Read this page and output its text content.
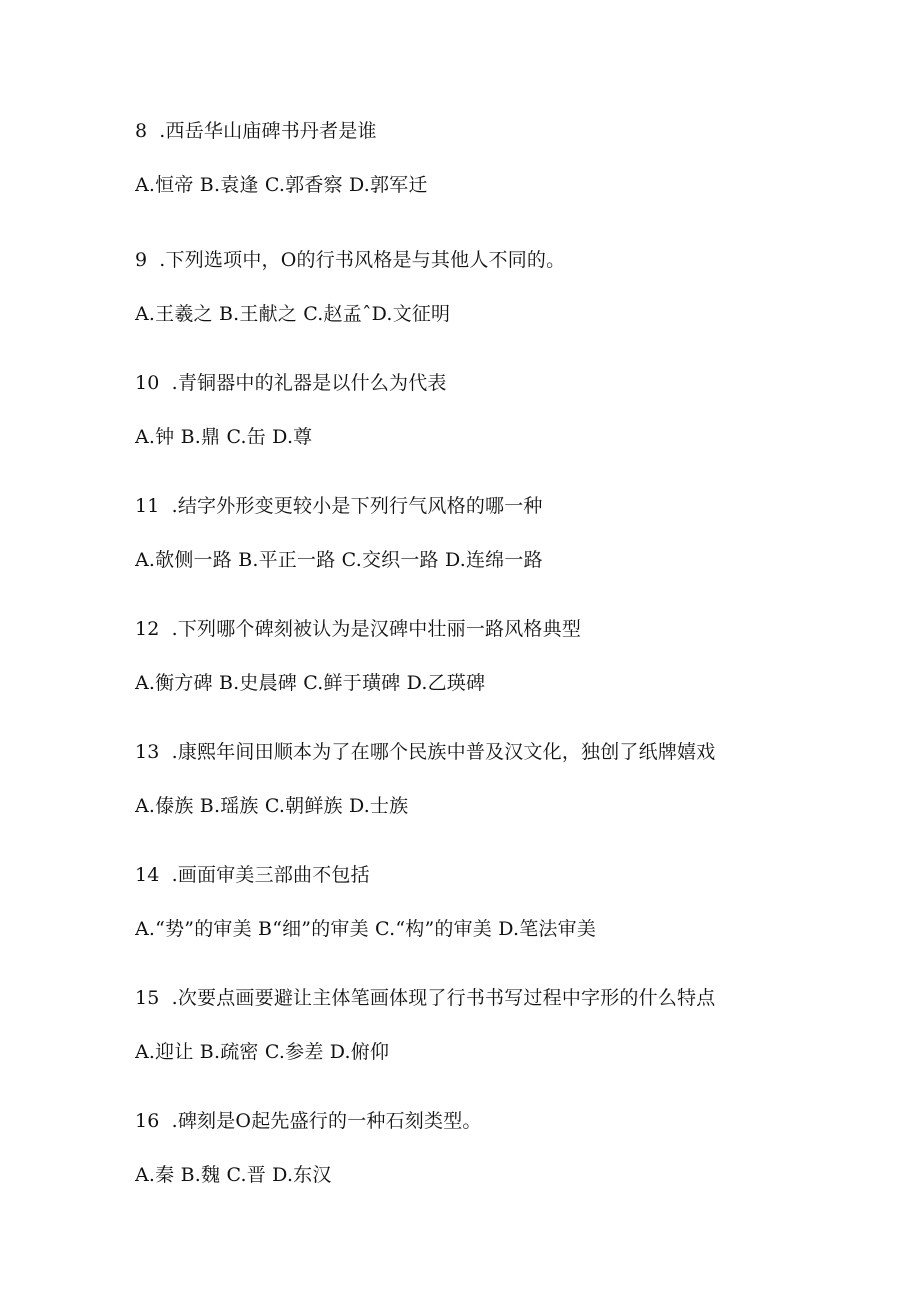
8 .西岳华山庙碑书丹者是谁
A.恒帝 B.袁逢 C.郭香察 D.郭军迁
9 .下列选项中，O的行书风格是与其他人不同的。
A.王羲之 B.王献之 C.赵孟ˆD.文征明
10 .青铜器中的礼器是以什么为代表
A.钟 B.鼎 C.缶 D.尊
11 .结字外形变更较小是下列行气风格的哪一种
A.欹侧一路 B.平正一路 C.交织一路 D.连绵一路
12 .下列哪个碑刻被认为是汉碑中壮丽一路风格典型
A.衡方碑 B.史晨碑 C.鲜于璜碑 D.乙瑛碑
13 .康熙年间田顺本为了在哪个民族中普及汉文化，独创了纸牌嬉戏
A.傣族 B.瑶族 C.朝鲜族 D.士族
14 .画面审美三部曲不包括
A.“势”的审美 B“细”的审美 C.“构”的审美 D.笔法审美
15 .次要点画要避让主体笔画体现了行书书写过程中字形的什么特点
A.迎让 B.疏密 C.参差 D.俯仰
16 .碑刻是O起先盛行的一种石刻类型。
A.秦 B.魏 C.晋 D.东汉
